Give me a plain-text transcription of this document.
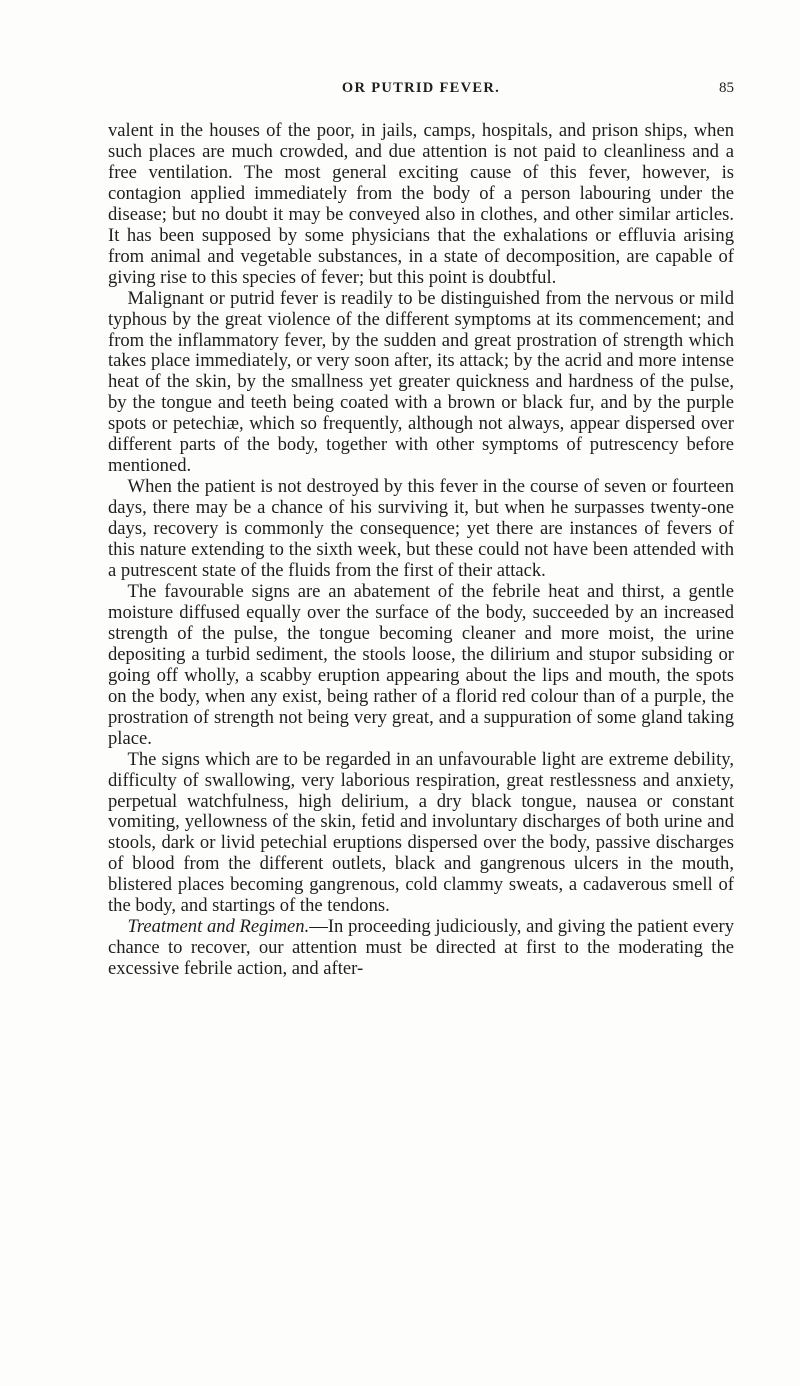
OR PUTRID FEVER.	85

valent in the houses of the poor, in jails, camps, hospitals, and prison ships, when such places are much crowded, and due attention is not paid to cleanliness and a free ventilation. The most general exciting cause of this fever, however, is contagion applied immediately from the body of a person labouring under the disease; but no doubt it may be conveyed also in clothes, and other similar articles. It has been supposed by some physicians that the exhalations or effluvia arising from animal and vegetable substances, in a state of decomposition, are capable of giving rise to this species of fever; but this point is doubtful.

Malignant or putrid fever is readily to be distinguished from the nervous or mild typhous by the great violence of the different symptoms at its commencement; and from the inflammatory fever, by the sudden and great prostration of strength which takes place immediately, or very soon after, its attack; by the acrid and more intense heat of the skin, by the smallness yet greater quickness and hardness of the pulse, by the tongue and teeth being coated with a brown or black fur, and by the purple spots or petechiæ, which so frequently, although not always, appear dispersed over different parts of the body, together with other symptoms of putrescency before mentioned.

When the patient is not destroyed by this fever in the course of seven or fourteen days, there may be a chance of his surviving it, but when he surpasses twenty-one days, recovery is commonly the consequence; yet there are instances of fevers of this nature extending to the sixth week, but these could not have been attended with a putrescent state of the fluids from the first of their attack.

The favourable signs are an abatement of the febrile heat and thirst, a gentle moisture diffused equally over the surface of the body, succeeded by an increased strength of the pulse, the tongue becoming cleaner and more moist, the urine depositing a turbid sediment, the stools loose, the dilirium and stupor subsiding or going off wholly, a scabby eruption appearing about the lips and mouth, the spots on the body, when any exist, being rather of a florid red colour than of a purple, the prostration of strength not being very great, and a suppuration of some gland taking place.

The signs which are to be regarded in an unfavourable light are extreme debility, difficulty of swallowing, very laborious respiration, great restlessness and anxiety, perpetual watchfulness, high delirium, a dry black tongue, nausea or constant vomiting, yellowness of the skin, fetid and involuntary discharges of both urine and stools, dark or livid petechial eruptions dispersed over the body, passive discharges of blood from the different outlets, black and gangrenous ulcers in the mouth, blistered places becoming gangrenous, cold clammy sweats, a cadaverous smell of the body, and startings of the tendons.

Treatment and Regimen.—In proceeding judiciously, and giving the patient every chance to recover, our attention must be directed at first to the moderating the excessive febrile action, and after-
